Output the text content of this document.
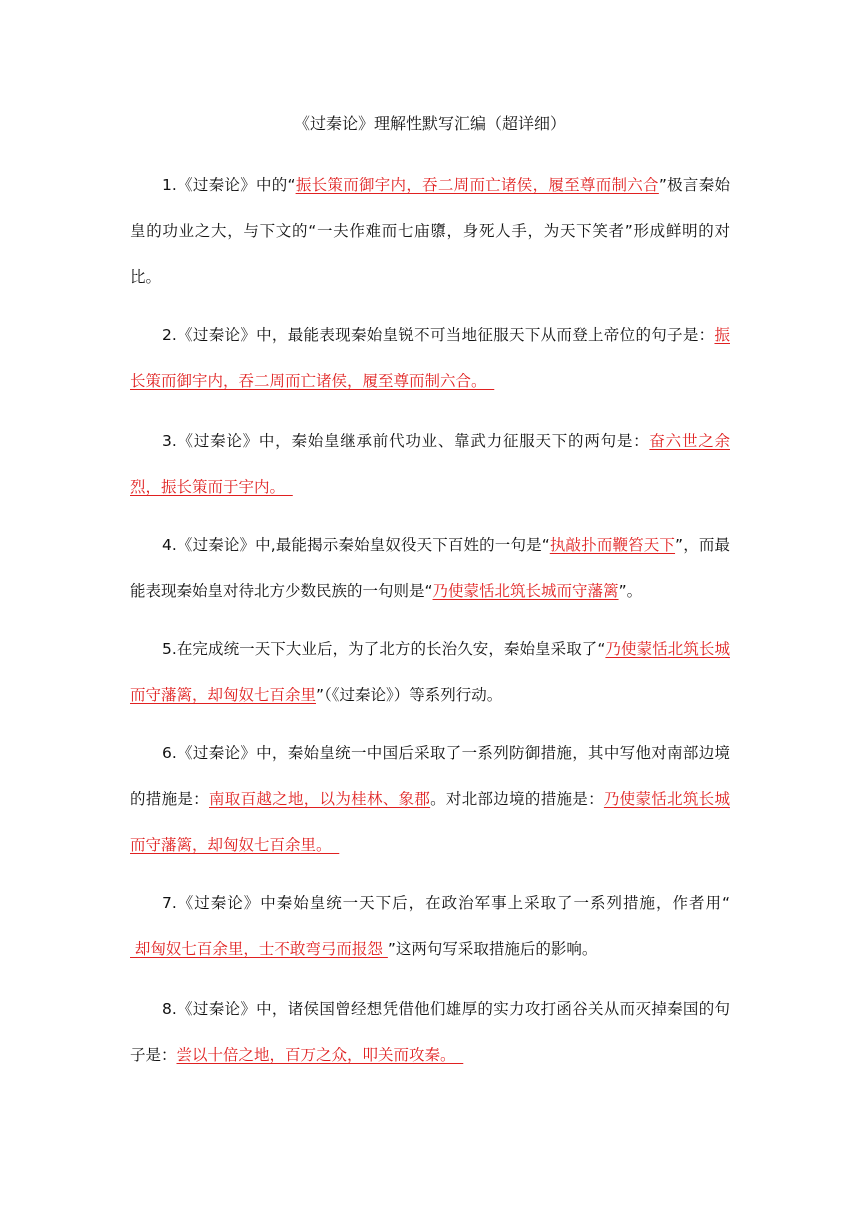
《过秦论》理解性默写汇编（超详细）

1.《过秦论》中的“振长策而御宇内，吞二周而亡诸侯，履至尊而制六合”极言秦始皇的功业之大，与下文的“一夫作难而七庙隳，身死人手，为天下笑者”形成鲜明的对比。

2.《过秦论》中，最能表现秦始皇锐不可当地征服天下从而登上帝位的句子是：振长策而御宇内，吞二周而亡诸侯，履至尊而制六合。　

3.《过秦论》中，秦始皇继承前代功业、靠武力征服天下的两句是：奋六世之余烈，振长策而于宇内。　

4.《过秦论》中,最能揭示秦始皇奴役天下百姓的一句是“执敲扑而鞭笞天下”，而最能表现秦始皇对待北方少数民族的一句则是“乃使蒙恬北筑长城而守藩篱”。

5.在完成统一天下大业后，为了北方的长治久安，秦始皇采取了“乃使蒙恬北筑长城而守藩篱，却匈奴七百余里”（《过秦论》）等系列行动。

6.《过秦论》中，秦始皇统一中国后采取了一系列防御措施，其中写他对南部边境的措施是：南取百越之地，以为桂林、象郡。对北部边境的措施是：乃使蒙恬北筑长城而守藩篱，却匈奴七百余里。　

7.《过秦论》中秦始皇统一天下后，在政治军事上采取了一系列措施，作者用“ 却匈奴七百余里，士不敢弯弓而报怨 ”这两句写采取措施后的影响。

8.《过秦论》中，诸侯国曾经想凭借他们雄厚的实力攻打函谷关从而灭掉秦国的句子是：尝以十倍之地，百万之众，叩关而攻秦。　
